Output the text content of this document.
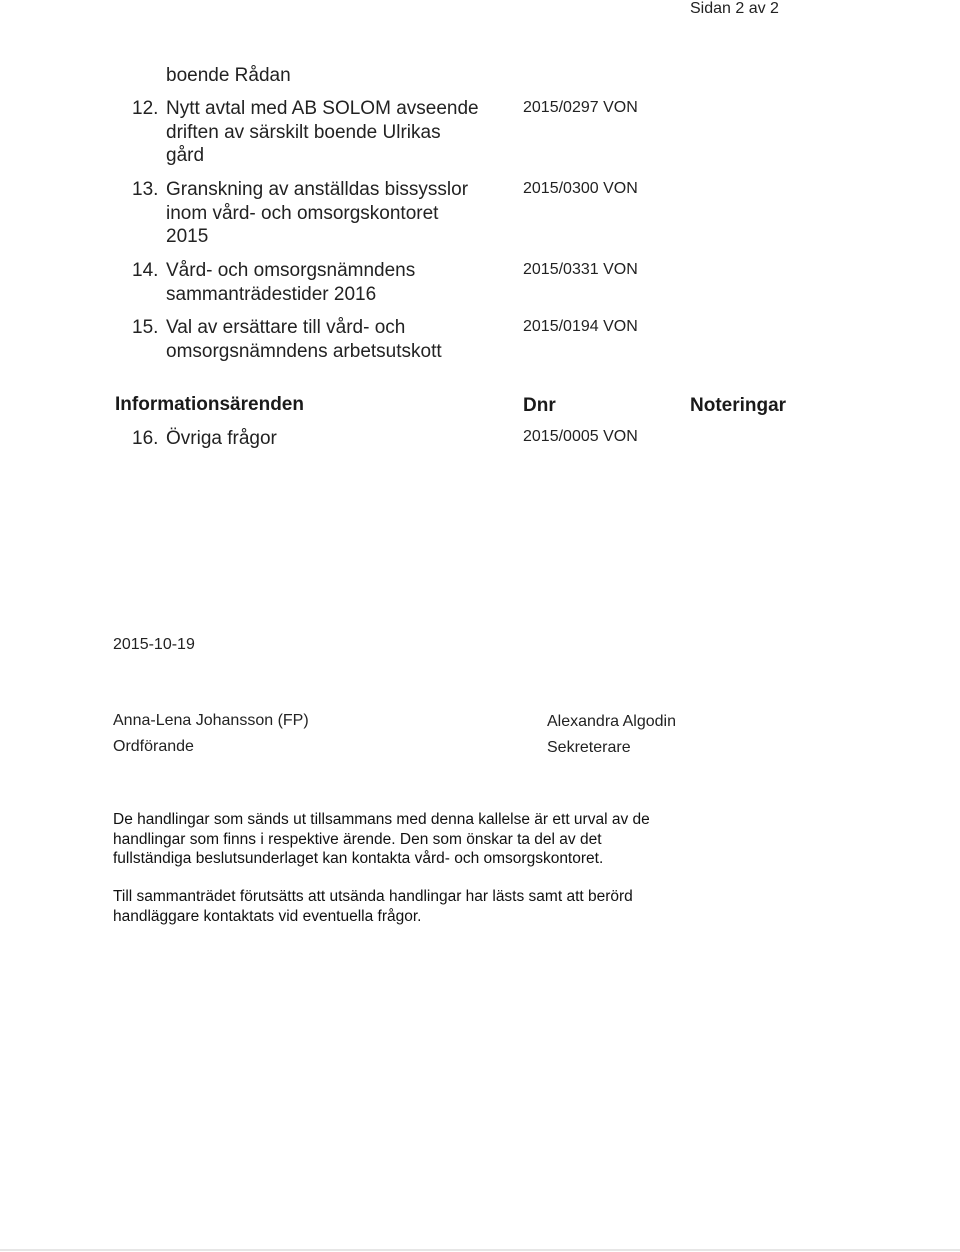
Sidan 2 av 2
boende Rådan
12. Nytt avtal med AB SOLOM avseende
driften av särskilt boende Ulrikas
gård
2015/0297 VON
13. Granskning av anställdas bissysslor
inom vård- och omsorgskontoret
2015
2015/0300 VON
14. Vård- och omsorgsnämndens
sammanträdestider 2016
2015/0331 VON
15. Val av ersättare till vård- och
omsorgsnämndens arbetsutskott
2015/0194 VON
Informationsärenden	Dnr	Noteringar
16. Övriga frågor	2015/0005 VON
2015-10-19
Anna-Lena Johansson (FP)
Ordförande
Alexandra Algodin
Sekreterare
De handlingar som sänds ut tillsammans med denna kallelse är ett urval av de
handlingar som finns i respektive ärende. Den som önskar ta del av det
fullständiga beslutsunderlaget kan kontakta vård- och omsorgskontoret.
Till sammanträdet förutsätts att utsända handlingar har lästs samt att berörd
handläggare kontaktats vid eventuella frågor.
